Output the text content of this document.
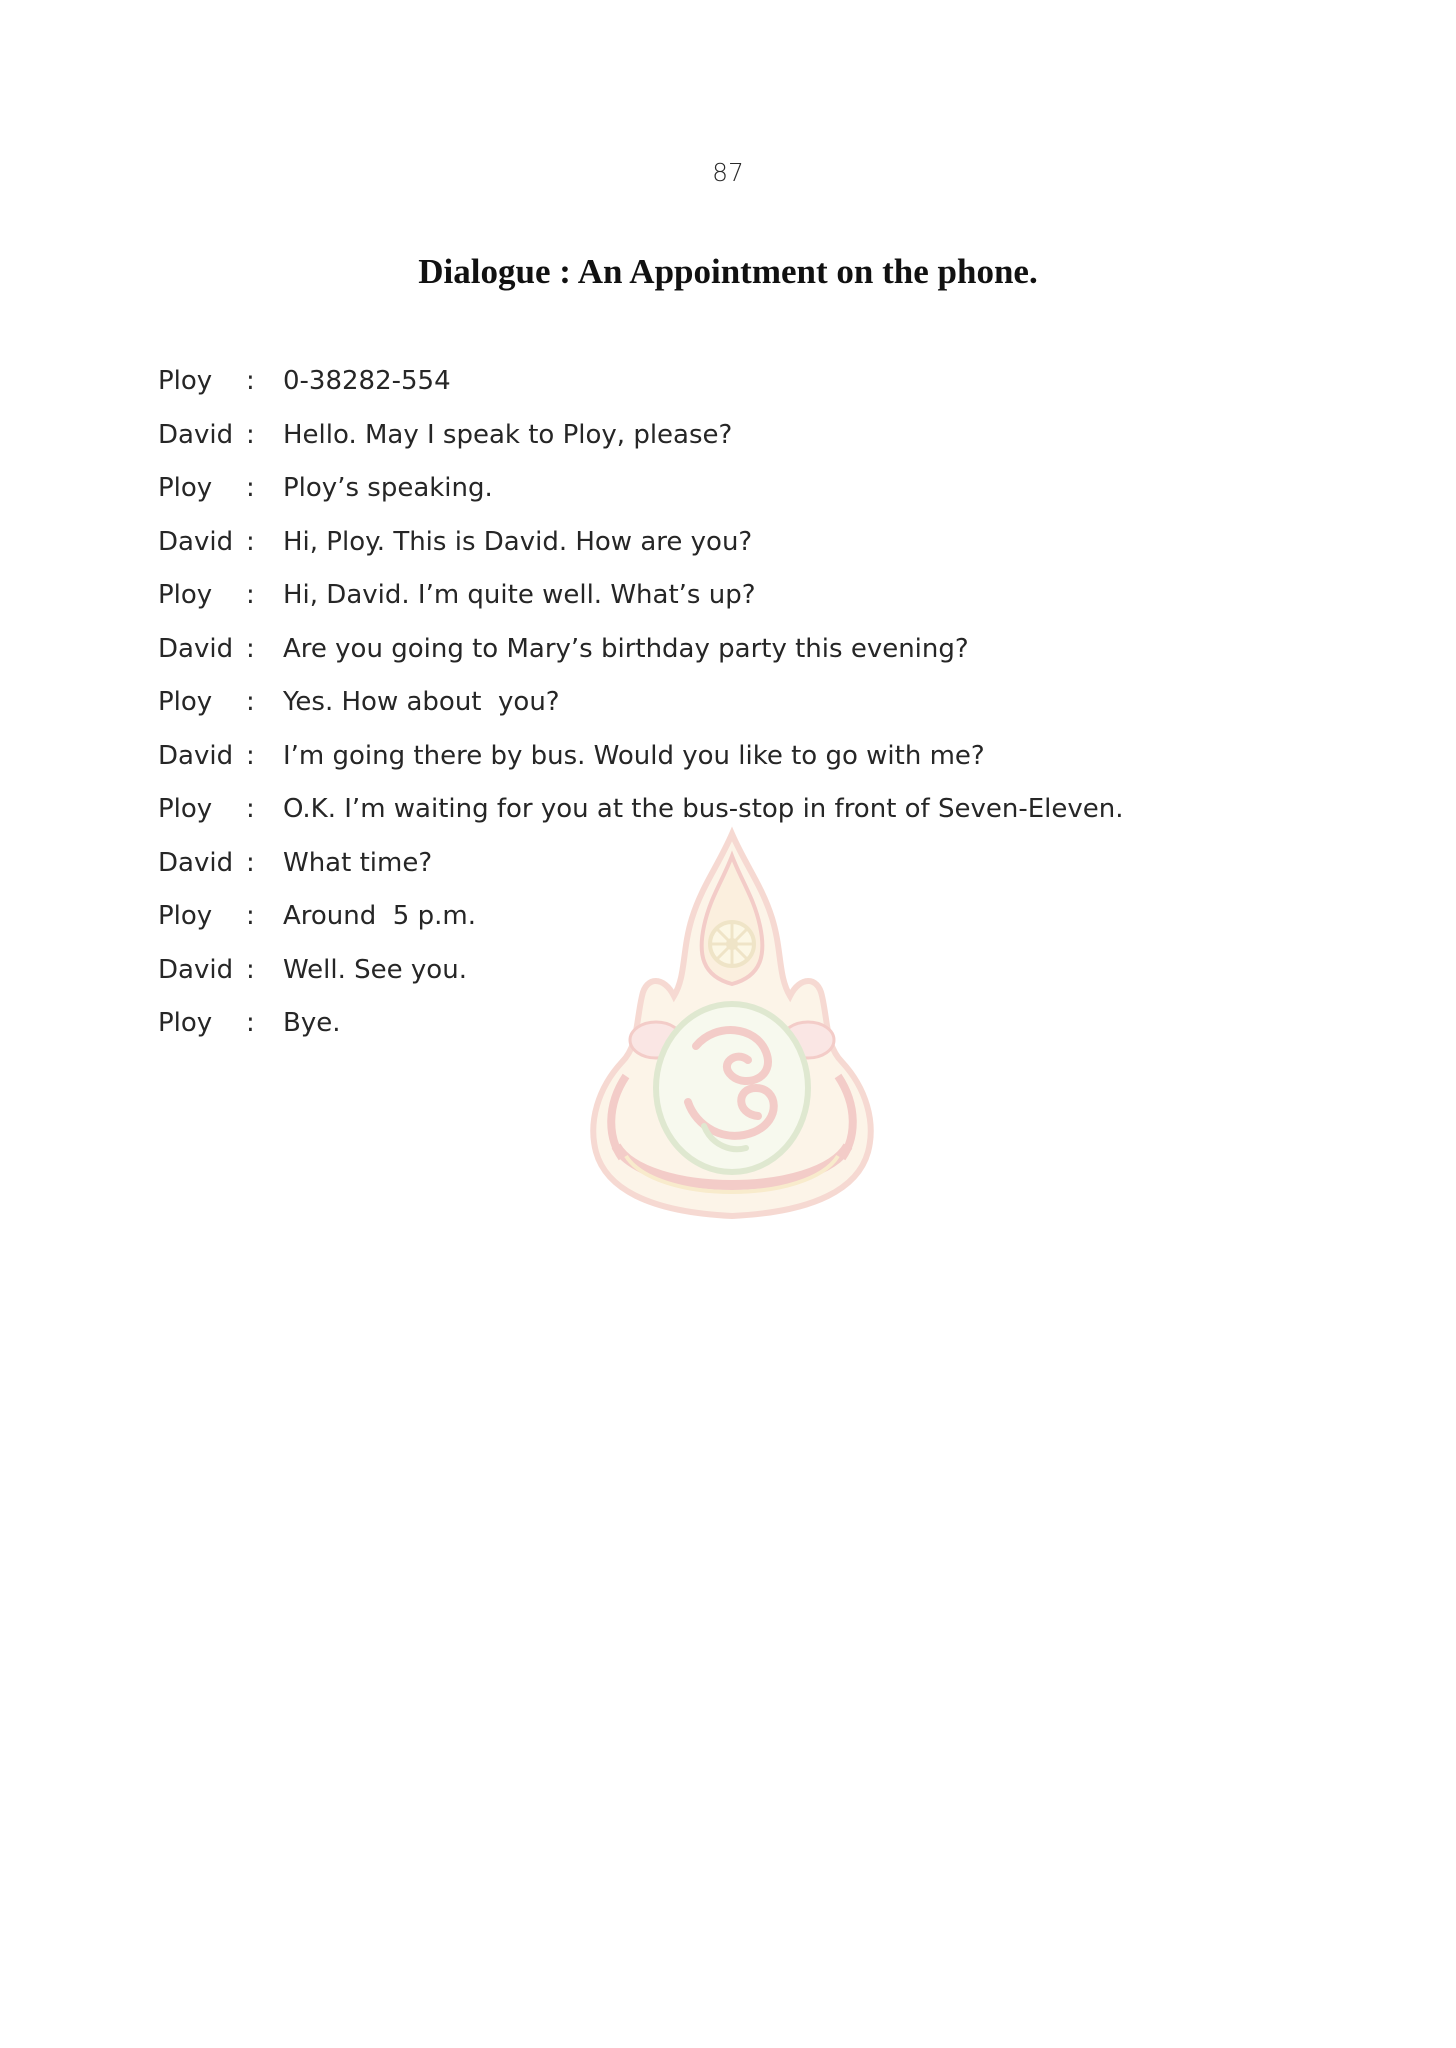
87
Dialogue : An Appointment on the phone.
Ploy	:	0-38282-554
David :	Hello. May I speak to Ploy, please?
Ploy	:	Ploy’s speaking.
David :	Hi, Ploy. This is David. How are you?
Ploy	:	Hi, David. I’m quite well. What’s up?
David :	Are you going to Mary’s birthday party this evening?
Ploy	:	Yes. How about  you?
David :	I’m going there by bus. Would you like to go with me?
Ploy	:	O.K. I’m waiting for you at the bus-stop in front of Seven-Eleven.
David :	What time?
Ploy	:	Around  5 p.m.
David :	Well. See you.
Ploy	:	Bye.
